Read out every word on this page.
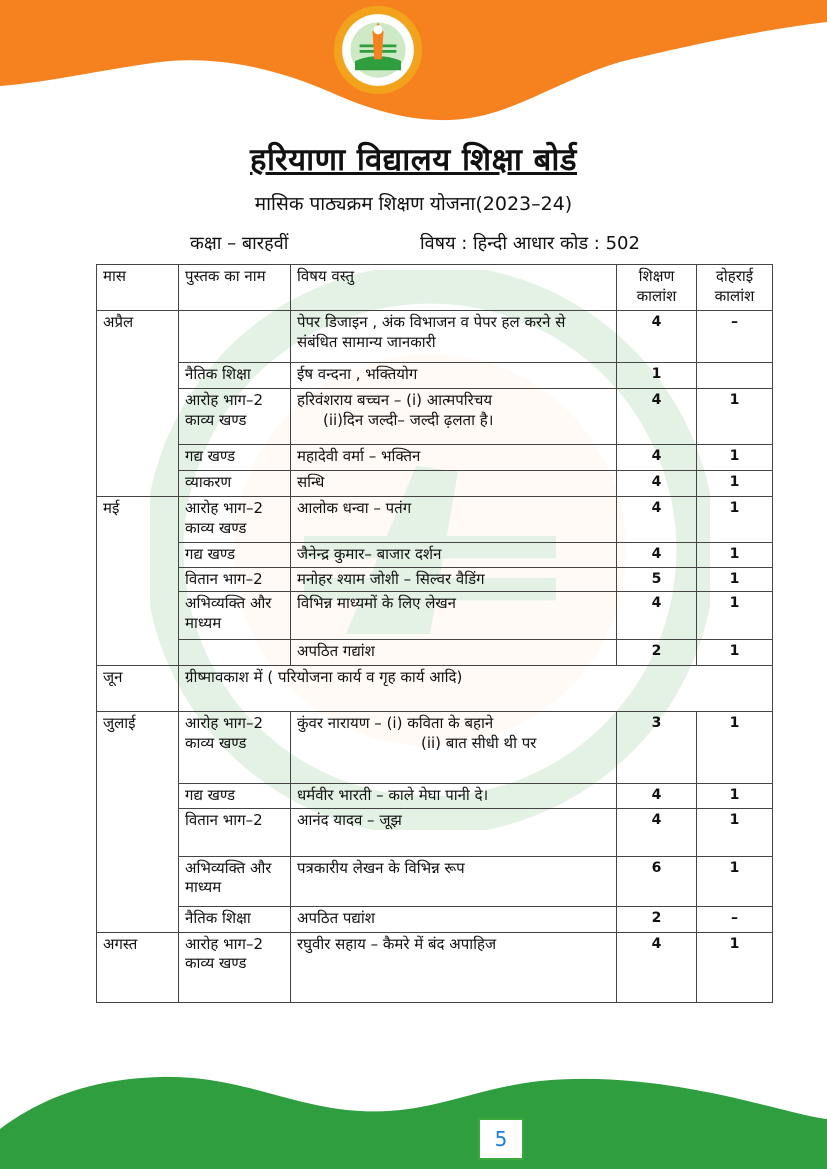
हरियाणा विद्यालय शिक्षा बोर्ड
मासिक पाठ्यक्रम शिक्षण योजना(2023–24)
कक्षा – बारहवीं	विषय : हिन्दी आधार कोड : 502
मास	पुस्तक का नाम	विषय वस्तु	शिक्षण कालांश	दोहराई कालांश
अप्रैल		पेपर डिजाइन , अंक विभाजन व पेपर हल करने से संबंधित सामान्य जानकारी	4	–
	नैतिक शिक्षा	ईष वन्दना , भक्तियोग	1	
	आरोह भाग–2 काव्य खण्ड	हरिवंशराय बच्चन – (i) आत्मपरिचय
(ii)दिन जल्दी– जल्दी ढ़लता है।	4	1
	गद्य खण्ड	महादेवी वर्मा – भक्तिन	4	1
	व्याकरण	सन्धि	4	1
मई	आरोह भाग–2 काव्य खण्ड	आलोक धन्वा – पतंग	4	1
	गद्य खण्ड	जैनेन्द्र कुमार– बाजार दर्शन	4	1
	वितान भाग–2	मनोहर श्याम जोशी – सिल्वर वैडिंग	5	1
	अभिव्यक्ति और माध्यम	विभिन्न माध्यमों के लिए लेखन	4	1
		अपठित गद्यांश	2	1
जून	ग्रीष्मावकाश में ( परियोजना कार्य व गृह कार्य आदि)			
जुलाई	आरोह भाग–2 काव्य खण्ड	कुंवर नारायण – (i) कविता के बहाने
(ii) बात सीधी थी पर	3	1
	गद्य खण्ड	धर्मवीर भारती – काले मेघा पानी दे।	4	1
	वितान भाग–2	आनंद यादव – जूझ	4	1
	अभिव्यक्ति और माध्यम	पत्रकारीय लेखन के विभिन्न रूप	6	1
	नैतिक शिक्षा	अपठित पद्यांश	2	–
अगस्त	आरोह भाग–2 काव्य खण्ड	रघुवीर सहाय – कैमरे में बंद अपाहिज	4	1
5
